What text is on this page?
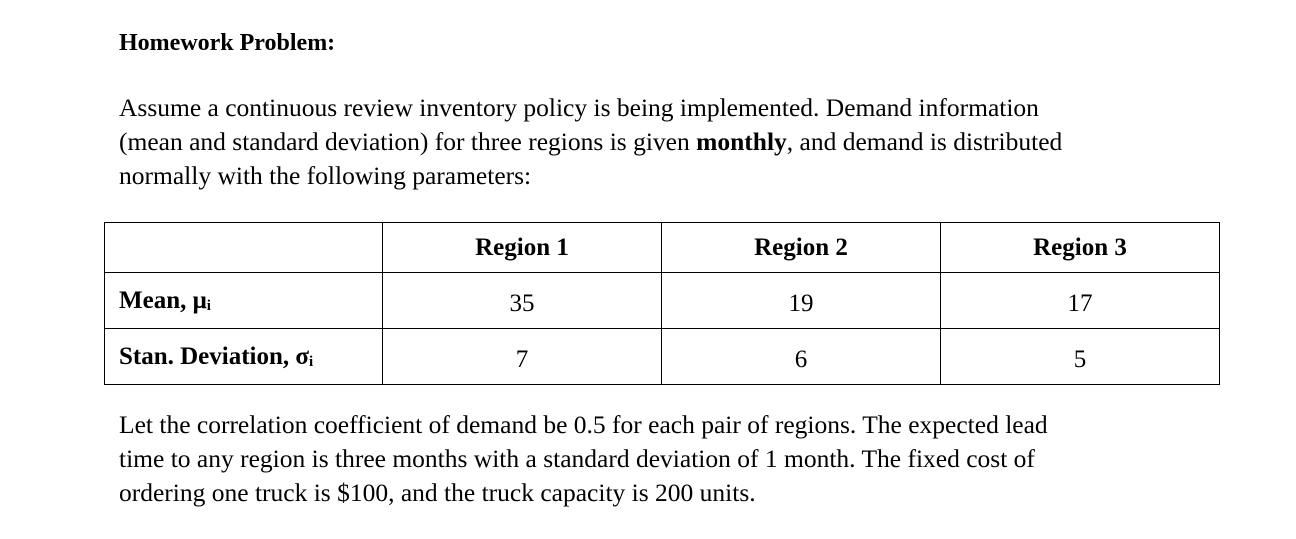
Homework Problem:

Assume a continuous review inventory policy is being implemented. Demand information
(mean and standard deviation) for three regions is given monthly, and demand is distributed
normally with the following parameters:

	Region 1	Region 2	Region 3
Mean, μi	35	19	17
Stan. Deviation, σi	7	6	5

Let the correlation coefficient of demand be 0.5 for each pair of regions. The expected lead
time to any region is three months with a standard deviation of 1 month. The fixed cost of
ordering one truck is $100, and the truck capacity is 200 units.
